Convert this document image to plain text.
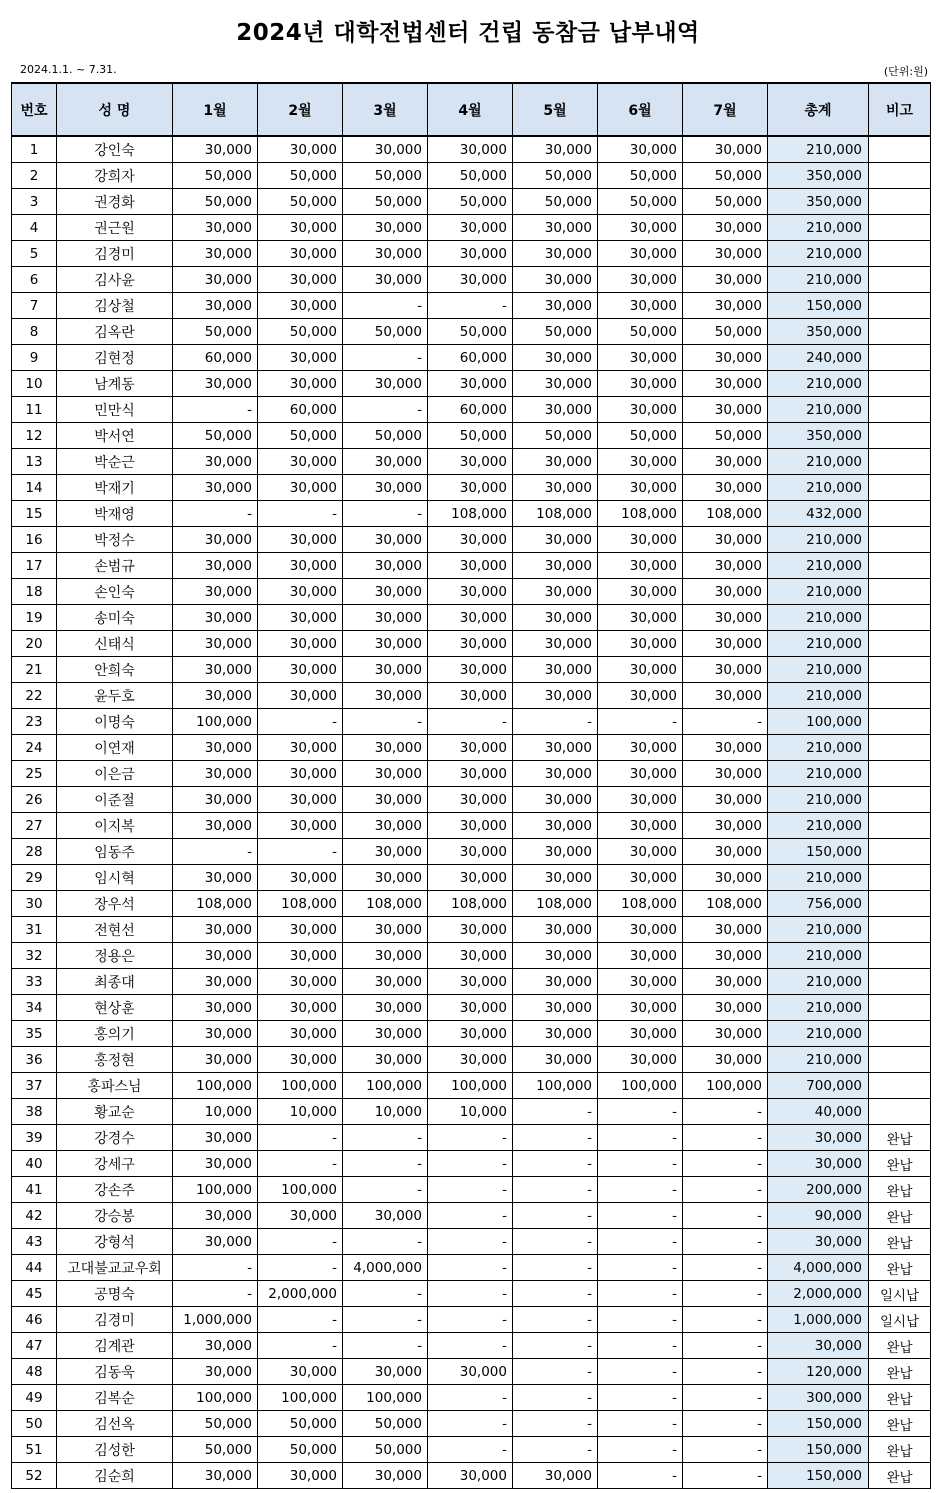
2024년 대학전법센터 건립 동참금 납부내역
2024.1.1. ~ 7.31.	(단위:원)
번호	성 명	1월	2월	3월	4월	5월	6월	7월	총계	비고
1	강인숙	30,000	30,000	30,000	30,000	30,000	30,000	30,000	210,000	
2	강희자	50,000	50,000	50,000	50,000	50,000	50,000	50,000	350,000	
3	권경화	50,000	50,000	50,000	50,000	50,000	50,000	50,000	350,000	
4	권근원	30,000	30,000	30,000	30,000	30,000	30,000	30,000	210,000	
5	김경미	30,000	30,000	30,000	30,000	30,000	30,000	30,000	210,000	
6	김사윤	30,000	30,000	30,000	30,000	30,000	30,000	30,000	210,000	
7	김상철	30,000	30,000	-	-	30,000	30,000	30,000	150,000	
8	김옥란	50,000	50,000	50,000	50,000	50,000	50,000	50,000	350,000	
9	김현정	60,000	30,000	-	60,000	30,000	30,000	30,000	240,000	
10	남계동	30,000	30,000	30,000	30,000	30,000	30,000	30,000	210,000	
11	민만식	-	60,000	-	60,000	30,000	30,000	30,000	210,000	
12	박서연	50,000	50,000	50,000	50,000	50,000	50,000	50,000	350,000	
13	박순근	30,000	30,000	30,000	30,000	30,000	30,000	30,000	210,000	
14	박재기	30,000	30,000	30,000	30,000	30,000	30,000	30,000	210,000	
15	박재영	-	-	-	108,000	108,000	108,000	108,000	432,000	
16	박정수	30,000	30,000	30,000	30,000	30,000	30,000	30,000	210,000	
17	손범규	30,000	30,000	30,000	30,000	30,000	30,000	30,000	210,000	
18	손인숙	30,000	30,000	30,000	30,000	30,000	30,000	30,000	210,000	
19	송미숙	30,000	30,000	30,000	30,000	30,000	30,000	30,000	210,000	
20	신태식	30,000	30,000	30,000	30,000	30,000	30,000	30,000	210,000	
21	안희숙	30,000	30,000	30,000	30,000	30,000	30,000	30,000	210,000	
22	윤두호	30,000	30,000	30,000	30,000	30,000	30,000	30,000	210,000	
23	이명숙	100,000	-	-	-	-	-	-	100,000	
24	이연재	30,000	30,000	30,000	30,000	30,000	30,000	30,000	210,000	
25	이은금	30,000	30,000	30,000	30,000	30,000	30,000	30,000	210,000	
26	이준절	30,000	30,000	30,000	30,000	30,000	30,000	30,000	210,000	
27	이지복	30,000	30,000	30,000	30,000	30,000	30,000	30,000	210,000	
28	임동주	-	-	30,000	30,000	30,000	30,000	30,000	150,000	
29	임시혁	30,000	30,000	30,000	30,000	30,000	30,000	30,000	210,000	
30	장우석	108,000	108,000	108,000	108,000	108,000	108,000	108,000	756,000	
31	전현선	30,000	30,000	30,000	30,000	30,000	30,000	30,000	210,000	
32	정용은	30,000	30,000	30,000	30,000	30,000	30,000	30,000	210,000	
33	최종대	30,000	30,000	30,000	30,000	30,000	30,000	30,000	210,000	
34	현상훈	30,000	30,000	30,000	30,000	30,000	30,000	30,000	210,000	
35	홍의기	30,000	30,000	30,000	30,000	30,000	30,000	30,000	210,000	
36	홍정현	30,000	30,000	30,000	30,000	30,000	30,000	30,000	210,000	
37	홍파스님	100,000	100,000	100,000	100,000	100,000	100,000	100,000	700,000	
38	황교순	10,000	10,000	10,000	10,000	-	-	-	40,000	
39	강경수	30,000	-	-	-	-	-	-	30,000	완납
40	강세구	30,000	-	-	-	-	-	-	30,000	완납
41	강손주	100,000	100,000	-	-	-	-	-	200,000	완납
42	강승봉	30,000	30,000	30,000	-	-	-	-	90,000	완납
43	강형석	30,000	-	-	-	-	-	-	30,000	완납
44	고대불교교우회	-	-	4,000,000	-	-	-	-	4,000,000	완납
45	공명숙	-	2,000,000	-	-	-	-	-	2,000,000	일시납
46	김경미	1,000,000	-	-	-	-	-	-	1,000,000	일시납
47	김계관	30,000	-	-	-	-	-	-	30,000	완납
48	김동욱	30,000	30,000	30,000	30,000	-	-	-	120,000	완납
49	김복순	100,000	100,000	100,000	-	-	-	-	300,000	완납
50	김선옥	50,000	50,000	50,000	-	-	-	-	150,000	완납
51	김성한	50,000	50,000	50,000	-	-	-	-	150,000	완납
52	김순희	30,000	30,000	30,000	30,000	30,000	-	-	150,000	완납
